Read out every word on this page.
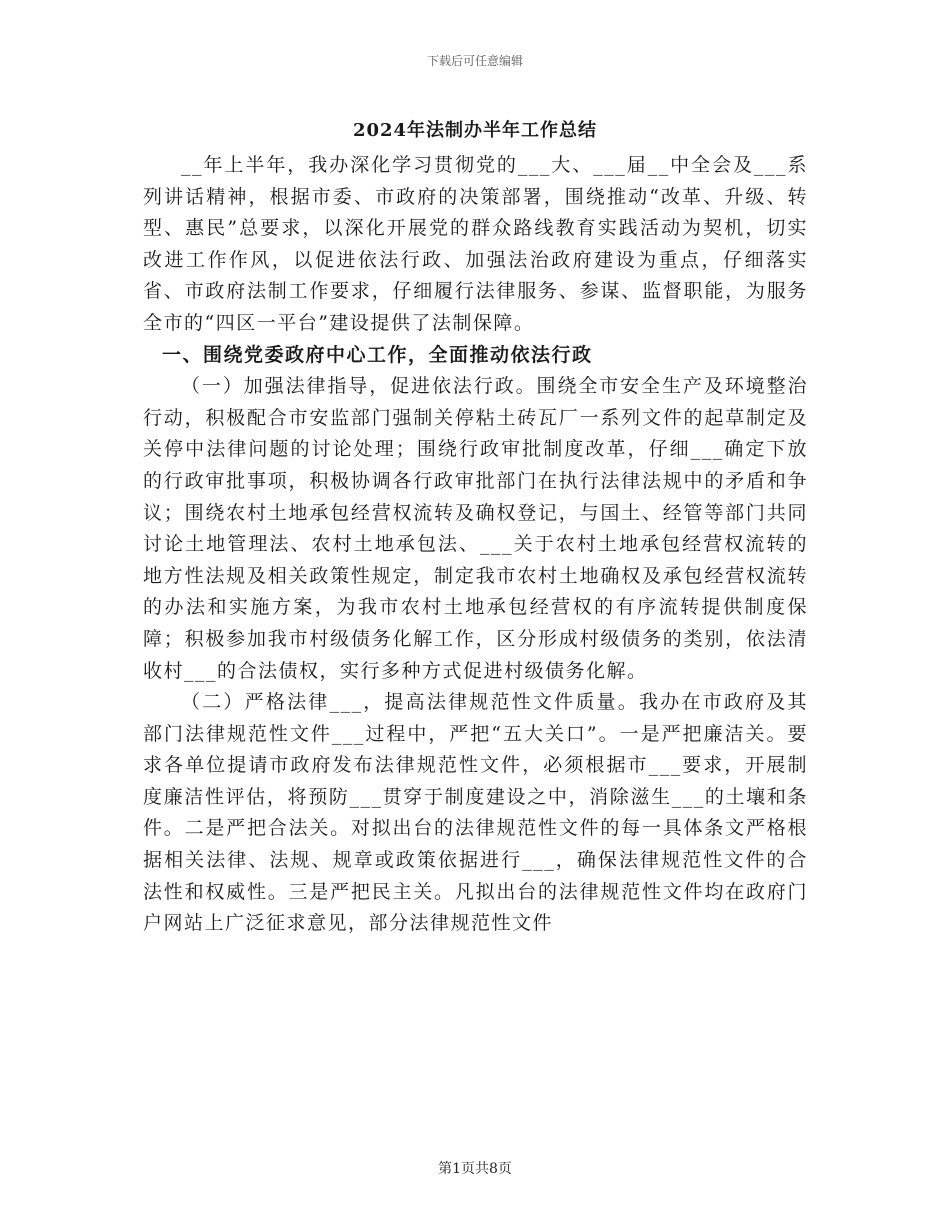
下载后可任意编辑
2024年法制办半年工作总结

__年上半年，我办深化学习贯彻党的___大、___届__中全会及___系列讲话精神，根据市委、市政府的决策部署，围绕推动“改革、升级、转型、惠民”总要求，以深化开展党的群众路线教育实践活动为契机，切实改进工作作风，以促进依法行政、加强法治政府建设为重点，仔细落实省、市政府法制工作要求，仔细履行法律服务、参谋、监督职能，为服务全市的“四区一平台”建设提供了法制保障。

一、围绕党委政府中心工作，全面推动依法行政

（一）加强法律指导，促进依法行政。围绕全市安全生产及环境整治行动，积极配合市安监部门强制关停粘土砖瓦厂一系列文件的起草制定及关停中法律问题的讨论处理；围绕行政审批制度改革，仔细___确定下放的行政审批事项，积极协调各行政审批部门在执行法律法规中的矛盾和争议；围绕农村土地承包经营权流转及确权登记，与国土、经管等部门共同讨论土地管理法、农村土地承包法、___关于农村土地承包经营权流转的地方性法规及相关政策性规定，制定我市农村土地确权及承包经营权流转的办法和实施方案，为我市农村土地承包经营权的有序流转提供制度保障；积极参加我市村级债务化解工作，区分形成村级债务的类别，依法清收村___的合法债权，实行多种方式促进村级债务化解。

（二）严格法律___，提高法律规范性文件质量。我办在市政府及其部门法律规范性文件___过程中，严把“五大关口”。一是严把廉洁关。要求各单位提请市政府发布法律规范性文件，必须根据市___要求，开展制度廉洁性评估，将预防___贯穿于制度建设之中，消除滋生___的土壤和条件。二是严把合法关。对拟出台的法律规范性文件的每一具体条文严格根据相关法律、法规、规章或政策依据进行___，确保法律规范性文件的合法性和权威性。三是严把民主关。凡拟出台的法律规范性文件均在政府门户网站上广泛征求意见，部分法律规范性文件

第1页共8页
